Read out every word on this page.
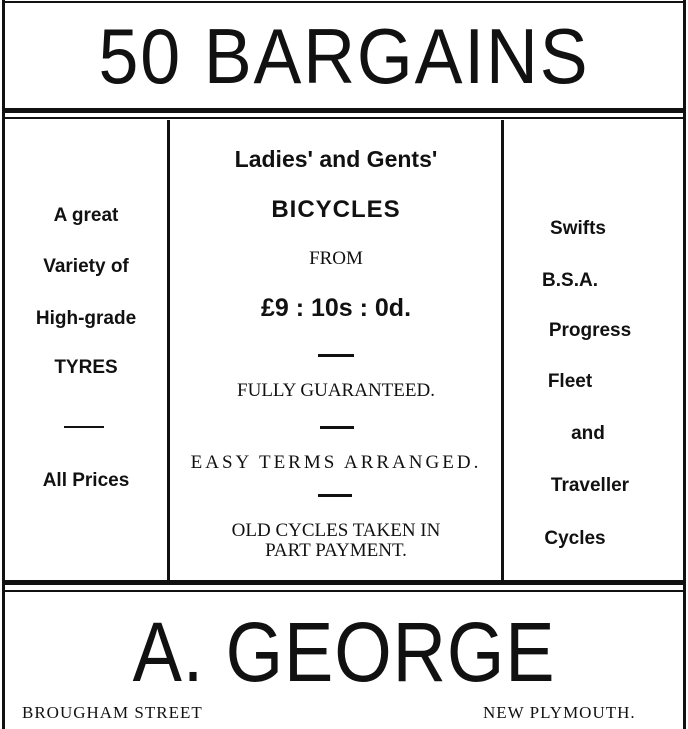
50 BARGAINS
A great
Variety of
High-grade
TYRES
All Prices
Ladies' and Gents'
BICYCLES
FROM
£9 : 10s : 0d.
FULLY GUARANTEED.
EASY TERMS ARRANGED.
OLD CYCLES TAKEN IN
PART PAYMENT.
Swifts
B.S.A.
Progress
Fleet
and
Traveller
Cycles
A. GEORGE
BROUGHAM STREET	NEW PLYMOUTH.
